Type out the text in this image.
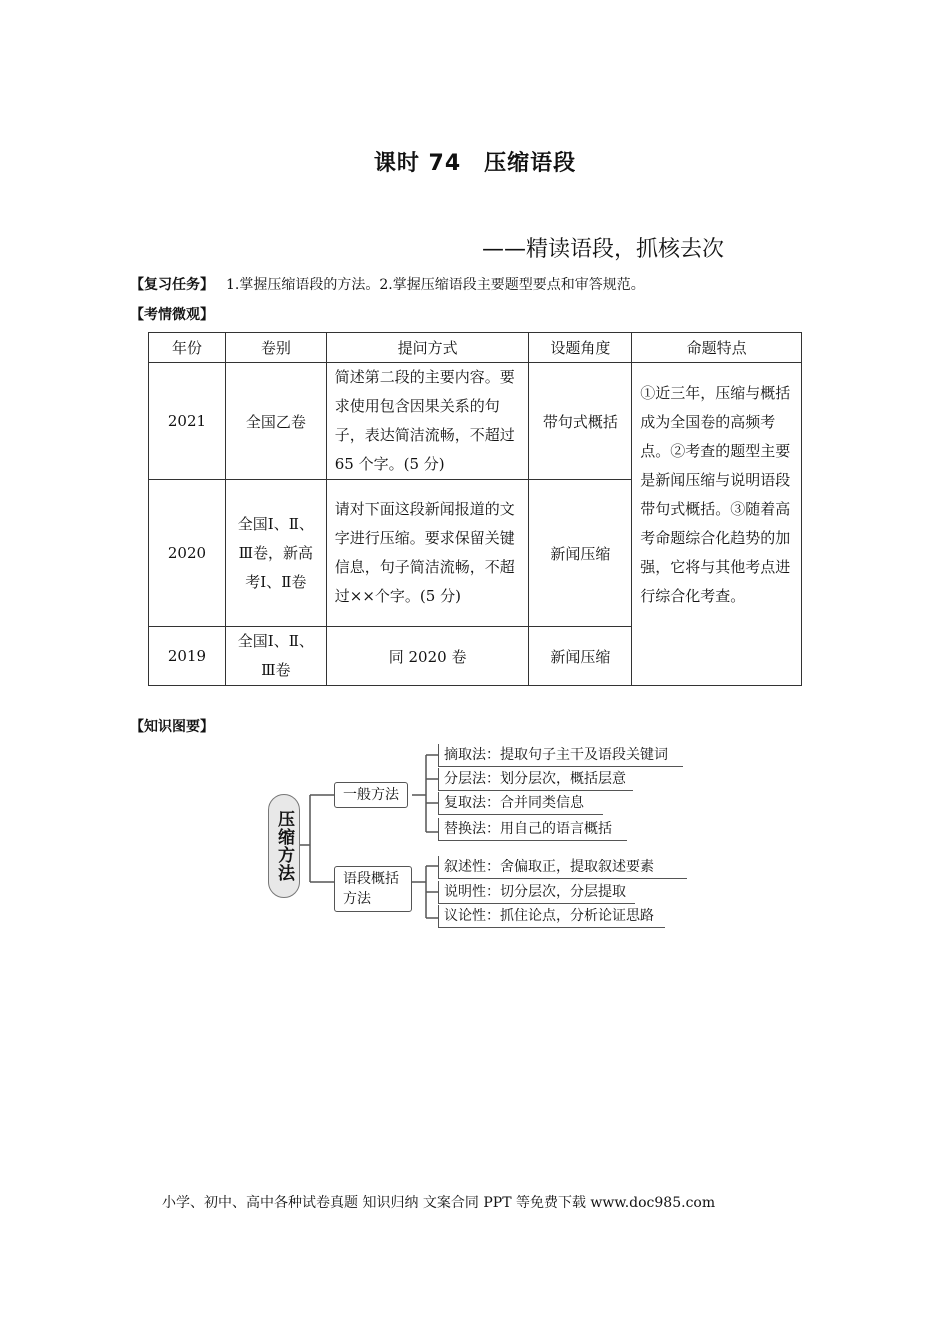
课时 74　压缩语段
——精读语段，抓核去次
【复习任务】 1.掌握压缩语段的方法。2.掌握压缩语段主要题型要点和审答规范。
【考情微观】
年份	卷别	提问方式	设题角度	命题特点
2021	全国乙卷	简述第二段的主要内容。要求使用包含因果关系的句子，表达简洁流畅，不超过 65 个字。(5 分)	带句式概括	①近三年，压缩与概括成为全国卷的高频考点。②考查的题型主要是新闻压缩与说明语段带句式概括。③随着高考命题综合化趋势的加强，它将与其他考点进行综合化考查。

2020	全国Ⅰ、Ⅱ、Ⅲ卷，新高考Ⅰ、Ⅱ卷	请对下面这段新闻报道的文字进行压缩。要求保留关键信息，句子简洁流畅，不超过××个字。(5 分)	新闻压缩	
2019	全国Ⅰ、Ⅱ、Ⅲ卷	同 2020 卷	新闻压缩	
【知识图要】
压缩方法
一般方法
语段概括方法
摘取法：提取句子主干及语段关键词
分层法：划分层次，概括层意
复取法：合并同类信息
替换法：用自己的语言概括
叙述性：舍偏取正，提取叙述要素
说明性：切分层次，分层提取
议论性：抓住论点，分析论证思路
小学、初中、高中各种试卷真题 知识归纳 文案合同 PPT 等免费下载 www.doc985.com
